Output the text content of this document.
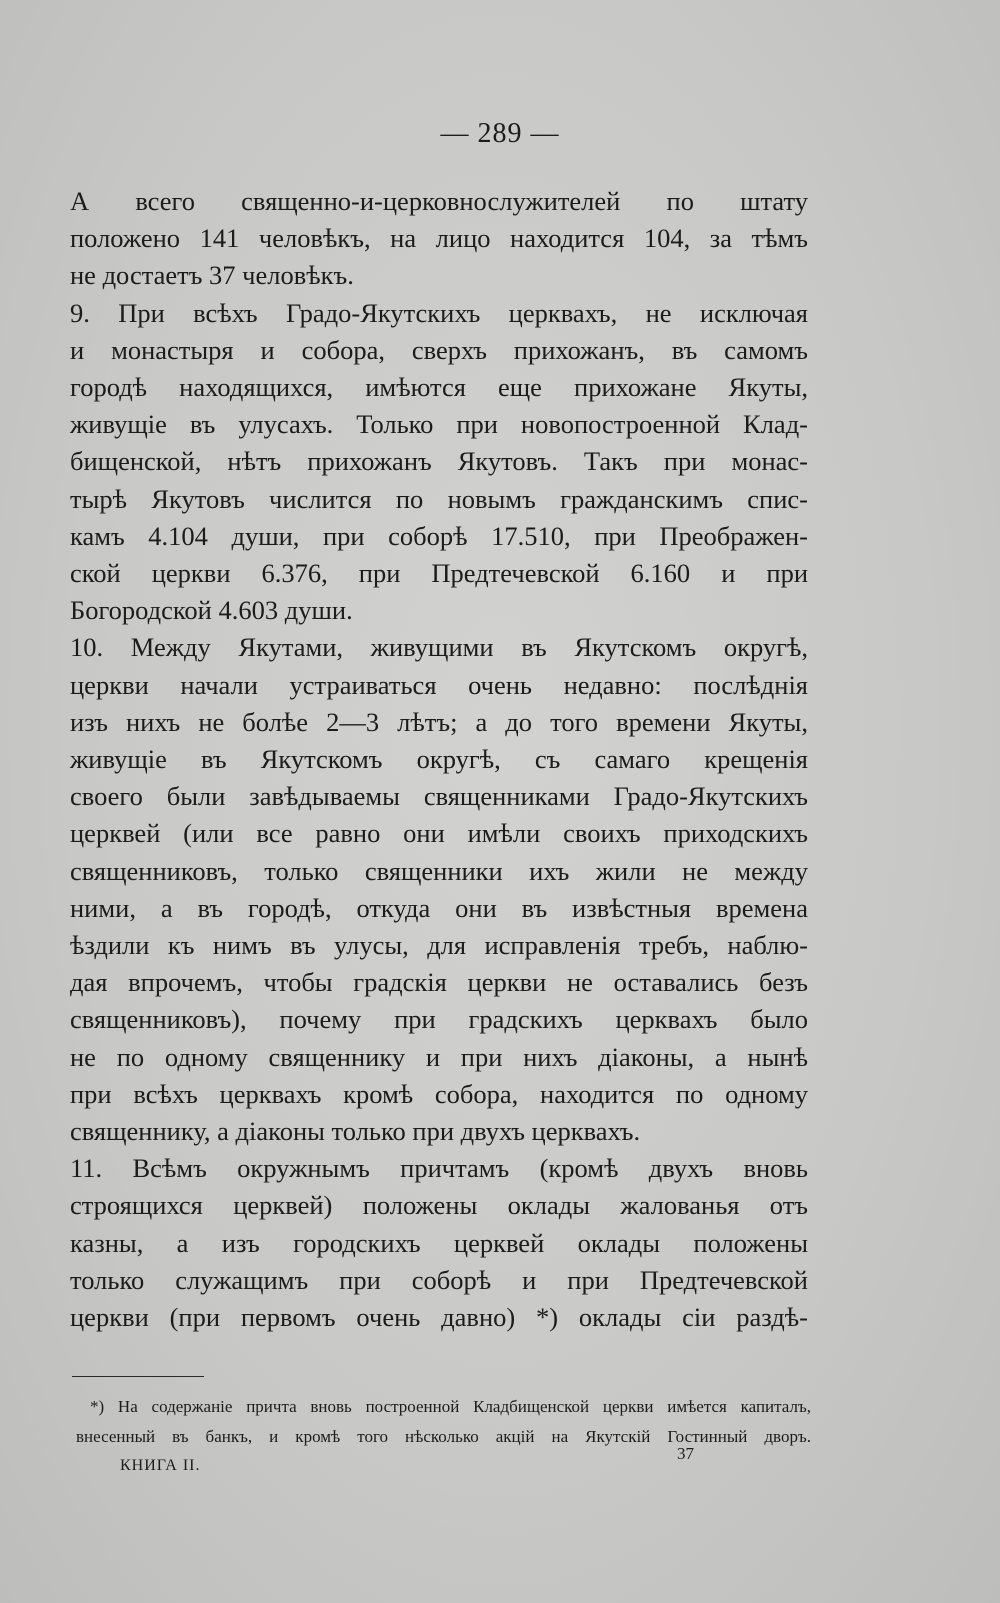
— 289 —
А всего священно-и-церковнослужителей по штату
положено 141 человѣкъ, на лицо находится 104, за тѣмъ
не достаетъ 37 человѣкъ.
9. При всѣхъ Градо-Якутскихъ церквахъ, не исключая
и монастыря и собора, сверхъ прихожанъ, въ самомъ
городѣ находящихся, имѣются еще прихожане Якуты,
живущіе въ улусахъ. Только при новопостроенной Клад-
бищенской, нѣтъ прихожанъ Якутовъ. Такъ при монас-
тырѣ Якутовъ числится по новымъ гражданскимъ спис-
камъ 4.104 души, при соборѣ 17.510, при Преображен-
ской церкви 6.376, при Предтечевской 6.160 и при
Богородской 4.603 души.
10. Между Якутами, живущими въ Якутскомъ округѣ,
церкви начали устраиваться очень недавно: послѣднія
изъ нихъ не болѣе 2—3 лѣтъ; а до того времени Якуты,
живущіе въ Якутскомъ округѣ, съ самаго крещенія
своего были завѣдываемы священниками Градо-Якутскихъ
церквей (или все равно они имѣли своихъ приходскихъ
священниковъ, только священники ихъ жили не между
ними, а въ городѣ, откуда они въ извѣстныя времена
ѣздили къ нимъ въ улусы, для исправленія требъ, наблю-
дая впрочемъ, чтобы градскія церкви не оставались безъ
священниковъ), почему при градскихъ церквахъ было
не по одному священнику и при нихъ діаконы, а нынѣ
при всѣхъ церквахъ кромѣ собора, находится по одному
священнику, а діаконы только при двухъ церквахъ.
11. Всѣмъ окружнымъ причтамъ (кромѣ двухъ вновь
строящихся церквей) положены оклады жалованья отъ
казны, а изъ городскихъ церквей оклады положены
только служащимъ при соборѣ и при Предтечевской
церкви (при первомъ очень давно) *) оклады сіи раздѣ-
*) На содержаніе причта вновь построенной Кладбищенской церкви имѣется капиталъ,
внесенный въ банкъ, и кромѣ того нѣсколько акцій на Якутскій Гостинный дворъ.
КНИГА II.
37
